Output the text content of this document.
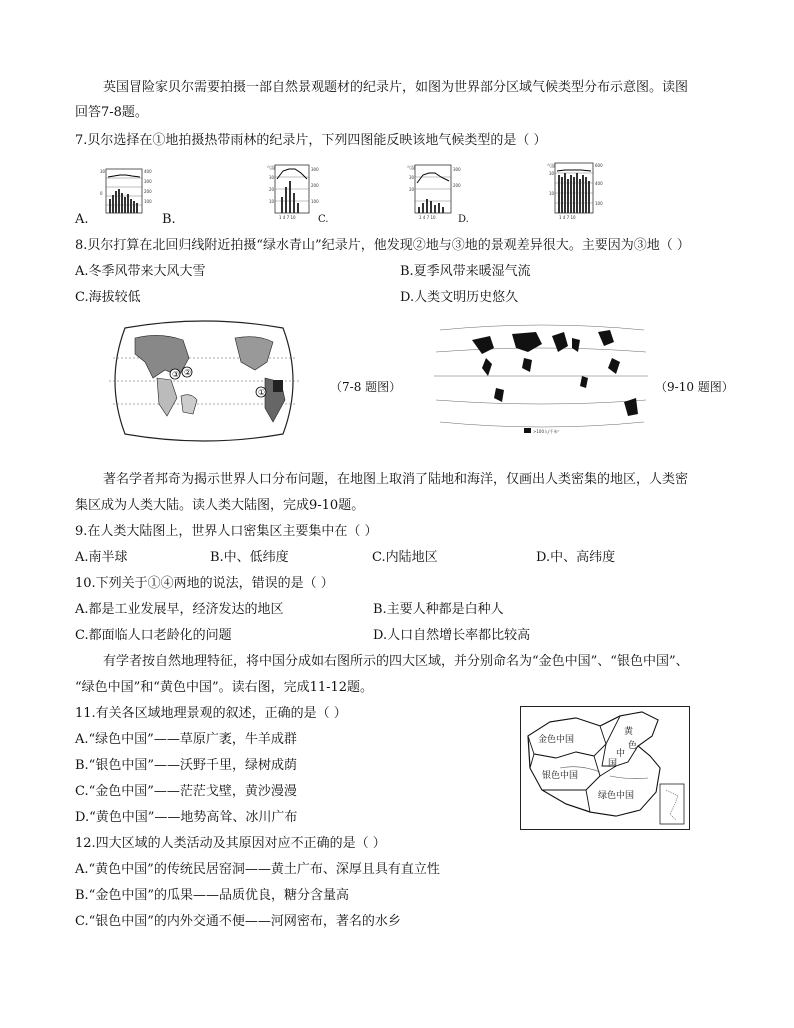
英国冒险家贝尔需要拍摄一部自然景观题材的纪录片，如图为世界部分区域气候类型分布示意图。读图
回答7-8题。
7.贝尔选择在①地拍摄热带雨林的纪录片，下列四图能反映该地气候类型的是（ ）
A.
400
300
200
100
30
0
B.
气温
30
20
10
300
200
100
1 4 7 10 C.
气温
30
20
300
200
1 4 7 10 D.
气温
30
10
600
400
100
1 4 7 10
8.贝尔打算在北回归线附近拍摄“绿水青山”纪录片，他发现②地与③地的景观差异很大。主要因为③地（ ）
A.冬季风带来大风大雪	B.夏季风带来暖湿气流
C.海拔较低	D.人类文明历史悠久
②
③
①	（7-8 题图）
>100人/千米²
（9-10 题图）
著名学者邦奇为揭示世界人口分布问题，在地图上取消了陆地和海洋，仅画出人类密集的地区，人类密
集区成为人类大陆。读人类大陆图，完成9-10题。
9.在人类大陆图上，世界人口密集区主要集中在（ ）
A.南半球	B.中、低纬度	C.内陆地区	D.中、高纬度
10.下列关于①④两地的说法，错误的是（ ）
A.都是工业发展早，经济发达的地区	B.主要人种都是白种人
C.都面临人口老龄化的问题	D.人口自然增长率都比较高
有学者按自然地理特征，将中国分成如右图所示的四大区域，并分别命名为“金色中国”、“银色中国”、
“绿色中国”和“黄色中国”。读右图，完成11-12题。
11.有关各区域地理景观的叙述，正确的是（ ）
A.“绿色中国”——草原广袤，牛羊成群
B.“银色中国”——沃野千里，绿树成荫
C.“金色中国”——茫茫戈壁，黄沙漫漫
D.“黄色中国”——地势高耸、冰川广布
金色中国
银色中国
绿色中国
黄
色
中
国
12.四大区域的人类活动及其原因对应不正确的是（ ）
A.“黄色中国”的传统民居窑洞——黄土广布、深厚且具有直立性
B.“金色中国”的瓜果——品质优良，糖分含量高
C.“银色中国”的内外交通不便——河网密布，著名的水乡
